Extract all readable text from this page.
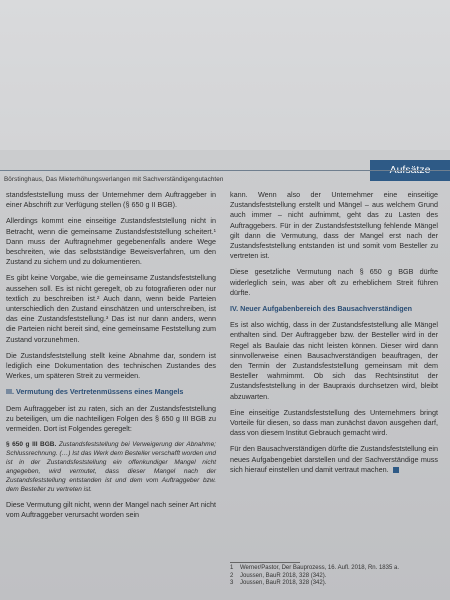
Aufsätze
Börstinghaus, Das Mieterhöhungsverlangen mit Sachverständigengutachten

standsfeststellung muss der Unternehmer dem Auftraggeber in einer Abschrift zur Verfügung stellen (§ 650 g II BGB).

Allerdings kommt eine einseitige Zustandsfeststellung nicht in Betracht, wenn die gemeinsame Zustandsfeststellung scheitert.¹ Dann muss der Auftragnehmer gegebenenfalls andere Wege beschreiten, wie das selbstständige Beweisverfahren, um den Zustand zu sichern und zu dokumentieren.

Es gibt keine Vorgabe, wie die gemeinsame Zustandsfeststellung aussehen soll. Es ist nicht geregelt, ob zu fotografieren oder nur textlich zu beschreiben ist.² Auch dann, wenn beide Parteien unterschiedlich den Zustand einschätzen und unterschreiben, ist das eine Zustandsfeststellung.³ Das ist nur dann anders, wenn die Parteien nicht bereit sind, eine gemeinsame Feststellung zum Zustand vorzunehmen.

Die Zustandsfeststellung stellt keine Abnahme dar, sondern ist lediglich eine Dokumentation des technischen Zustandes des Werkes, um späteren Streit zu vermeiden.

III. Vermutung des Vertretenmüssens eines Mangels

Dem Auftraggeber ist zu raten, sich an der Zustandsfeststellung zu beteiligen, um die nachteiligen Folgen des § 650 g III BGB zu vermeiden. Dort ist Folgendes geregelt:

§ 650 g III BGB. Zustandsfeststellung bei Verweigerung der Abnahme; Schlussrechnung. (…) Ist das Werk dem Besteller verschafft worden und ist in der Zustandsfeststellung ein offenkundiger Mangel nicht angegeben, wird vermutet, dass dieser Mangel nach der Zustandsfeststellung entstanden ist und dem vom Auftraggeber bzw. dem Besteller zu vertreten ist.

Diese Vermutung gilt nicht, wenn der Mangel nach seiner Art nicht vom Auftraggeber verursacht worden sein

kann. Wenn also der Unternehmer eine einseitige Zustandsfeststellung erstellt und Mängel – aus welchem Grund auch immer – nicht aufnimmt, geht das zu Lasten des Auftraggebers. Für in der Zustandsfeststellung fehlende Mängel gilt dann die Vermutung, dass der Mangel erst nach der Zustandsfeststellung entstanden ist und somit vom Besteller zu vertreten ist.

Diese gesetzliche Vermutung nach § 650 g BGB dürfte widerleglich sein, was aber oft zu erheblichem Streit führen dürfte.

IV. Neuer Aufgabenbereich des Bausachverständigen

Es ist also wichtig, dass in der Zustandsfeststellung alle Mängel enthalten sind. Der Auftraggeber bzw. der Besteller wird in der Regel als Baulaie das nicht leisten können. Dieser wird dann sinnvollerweise einen Bausachverständigen beauftragen, der den Termin der Zustandsfeststellung gemeinsam mit dem Besteller wahrnimmt. Ob sich das Rechtsinstitut der Zustandsfeststellung in der Baupraxis durchsetzen wird, bleibt abzuwarten.

Eine einseitige Zustandsfeststellung des Unternehmers bringt Vorteile für diesen, so dass man zunächst davon ausgehen darf, dass von diesem Institut Gebrauch gemacht wird.

Für den Bausachverständigen dürfte die Zustandsfeststellung ein neues Aufgabengebiet darstellen und der Sachverständige muss sich hierauf einstellen und damit vertraut machen.

1 Werner/Pastor, Der Bauprozess, 16. Aufl. 2018, Rn. 1835 a.
2 Joussen, BauR 2018, 328 (342).
3 Joussen, BauR 2018, 328 (342).
